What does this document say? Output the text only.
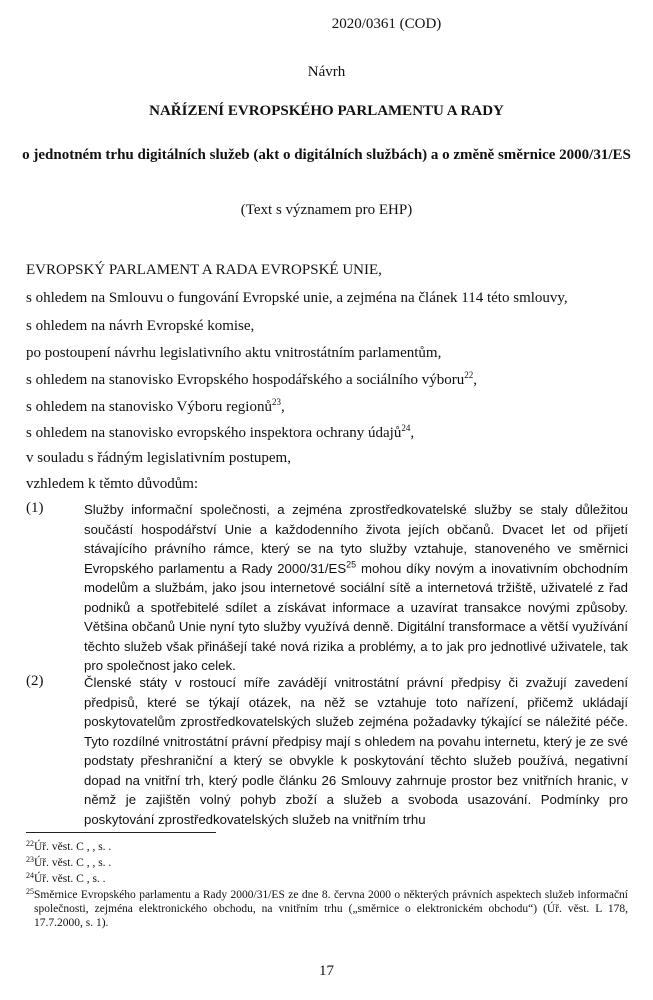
2020/0361 (COD)
Návrh
NAŘÍZENÍ EVROPSKÉHO PARLAMENTU A RADY
o jednotném trhu digitálních služeb (akt o digitálních službách) a o změně směrnice 2000/31/ES
(Text s významem pro EHP)
EVROPSKÝ PARLAMENT A RADA EVROPSKÉ UNIE,
s ohledem na Smlouvu o fungování Evropské unie, a zejména na článek 114 této smlouvy,
s ohledem na návrh Evropské komise,
po postoupení návrhu legislativního aktu vnitrostátním parlamentům,
s ohledem na stanovisko Evropského hospodářského a sociálního výboru$^{22}$,
s ohledem na stanovisko Výboru regionů$^{23}$,
s ohledem na stanovisko evropského inspektora ochrany údajů$^{24}$,
v souladu s řádným legislativním postupem,
vzhledem k těmto důvodům:
(1)	Služby informační společnosti, a zejména zprostředkovatelské služby se staly důležitou součástí hospodářství Unie a každodenního života jejích občanů. Dvacet let od přijetí stávajícího právního rámce, který se na tyto služby vztahuje, stanoveného ve směrnici Evropského parlamentu a Rady 2000/31/ES$^{25}$ mohou díky novým a inovativním obchodním modelům a službám, jako jsou internetové sociální sítě a internetová tržiště, uživatelé z řad podniků a spotřebitelé sdílet a získávat informace a uzavírat transakce novými způsoby. Většina občanů Unie nyní tyto služby využívá denně. Digitální transformace a větší využívání těchto služeb však přinášejí také nová rizika a problémy, a to jak pro jednotlivé uživatele, tak pro společnost jako celek.
(2)	Členské státy v rostoucí míře zavádějí vnitrostátní právní předpisy či zvažují zavedení předpisů, které se týkají otázek, na něž se vztahuje toto nařízení, přičemž ukládají poskytovatelům zprostředkovatelských služeb zejména požadavky týkající se náležité péče. Tyto rozdílné vnitrostátní právní předpisy mají s ohledem na povahu internetu, který je ze své podstaty přeshraniční a který se obvykle k poskytování těchto služeb používá, negativní dopad na vnitřní trh, který podle článku 26 Smlouvy zahrnuje prostor bez vnitřních hranic, v němž je zajištěn volný pohyb zboží a služeb a svoboda usazování. Podmínky pro poskytování zprostředkovatelských služeb na vnitřním trhu
22 Úř. věst. C , , s. .
23 Úř. věst. C , , s. .
24 Úř. věst. C , s. .
25 Směrnice Evropského parlamentu a Rady 2000/31/ES ze dne 8. června 2000 o některých právních aspektech služeb informační společnosti, zejména elektronického obchodu, na vnitřním trhu („směrnice o elektronickém obchodu“) (Úř. věst. L 178, 17.7.2000, s. 1).
17
